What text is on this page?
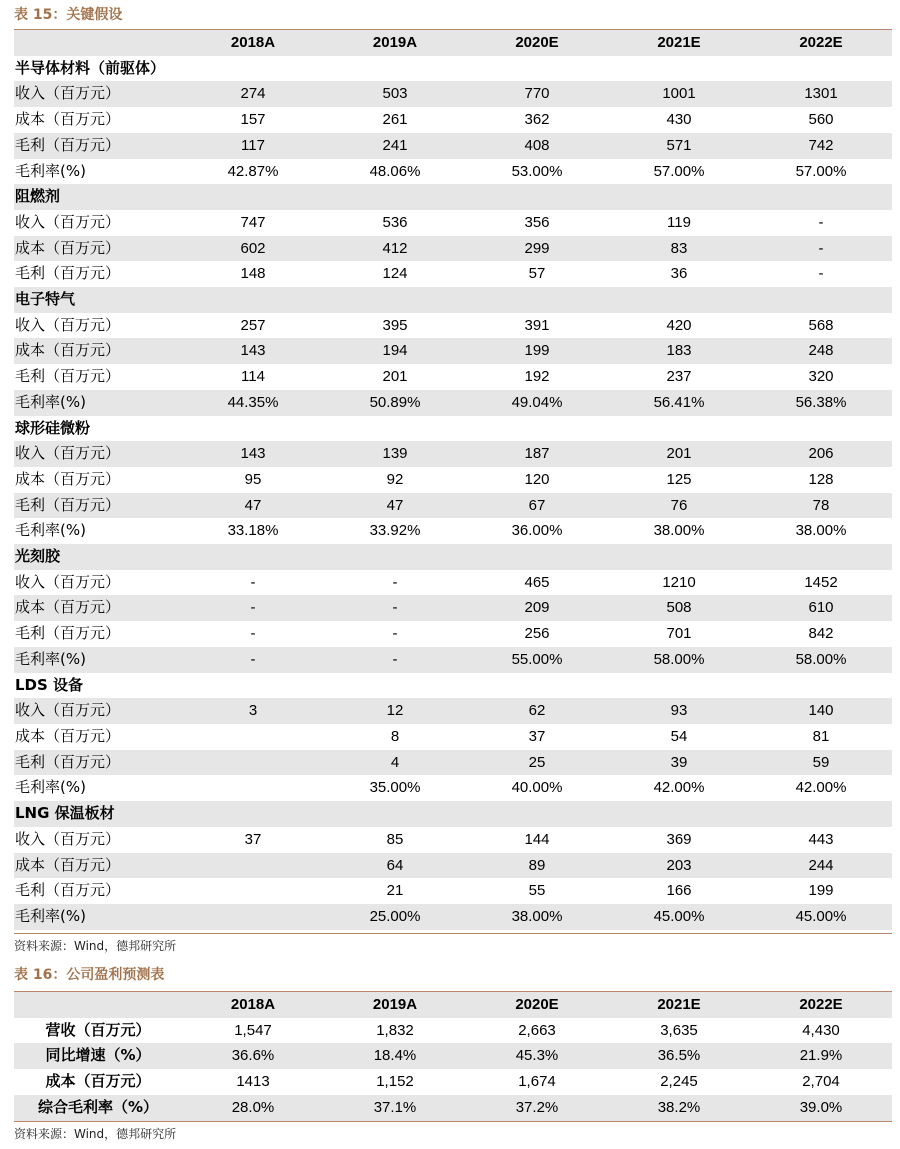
表 15：关键假设
	2018A	2019A	2020E	2021E	2022E
半导体材料（前驱体）					
收入（百万元）	274	503	770	1001	1301
成本（百万元）	157	261	362	430	560
毛利（百万元）	117	241	408	571	742
毛利率(%)	42.87%	48.06%	53.00%	57.00%	57.00%
阻燃剂					
收入（百万元）	747	536	356	119	-
成本（百万元）	602	412	299	83	-
毛利（百万元）	148	124	57	36	-
电子特气					
收入（百万元）	257	395	391	420	568
成本（百万元）	143	194	199	183	248
毛利（百万元）	114	201	192	237	320
毛利率(%)	44.35%	50.89%	49.04%	56.41%	56.38%
球形硅微粉					
收入（百万元）	143	139	187	201	206
成本（百万元）	95	92	120	125	128
毛利（百万元）	47	47	67	76	78
毛利率(%)	33.18%	33.92%	36.00%	38.00%	38.00%
光刻胶					
收入（百万元）	-	-	465	1210	1452
成本（百万元）	-	-	209	508	610
毛利（百万元）	-	-	256	701	842
毛利率(%)	-	-	55.00%	58.00%	58.00%
LDS 设备					
收入（百万元）	3	12	62	93	140
成本（百万元）		8	37	54	81
毛利（百万元）		4	25	39	59
毛利率(%)		35.00%	40.00%	42.00%	42.00%
LNG 保温板材					
收入（百万元）	37	85	144	369	443
成本（百万元）		64	89	203	244
毛利（百万元）		21	55	166	199
毛利率(%)		25.00%	38.00%	45.00%	45.00%
资料来源：Wind，德邦研究所
表 16：公司盈利预测表
	2018A	2019A	2020E	2021E	2022E
营收（百万元）	1,547	1,832	2,663	3,635	4,430
同比增速（%）	36.6%	18.4%	45.3%	36.5%	21.9%
成本（百万元）	1413	1,152	1,674	2,245	2,704
综合毛利率（%）	28.0%	37.1%	37.2%	38.2%	39.0%
资料来源：Wind，德邦研究所
